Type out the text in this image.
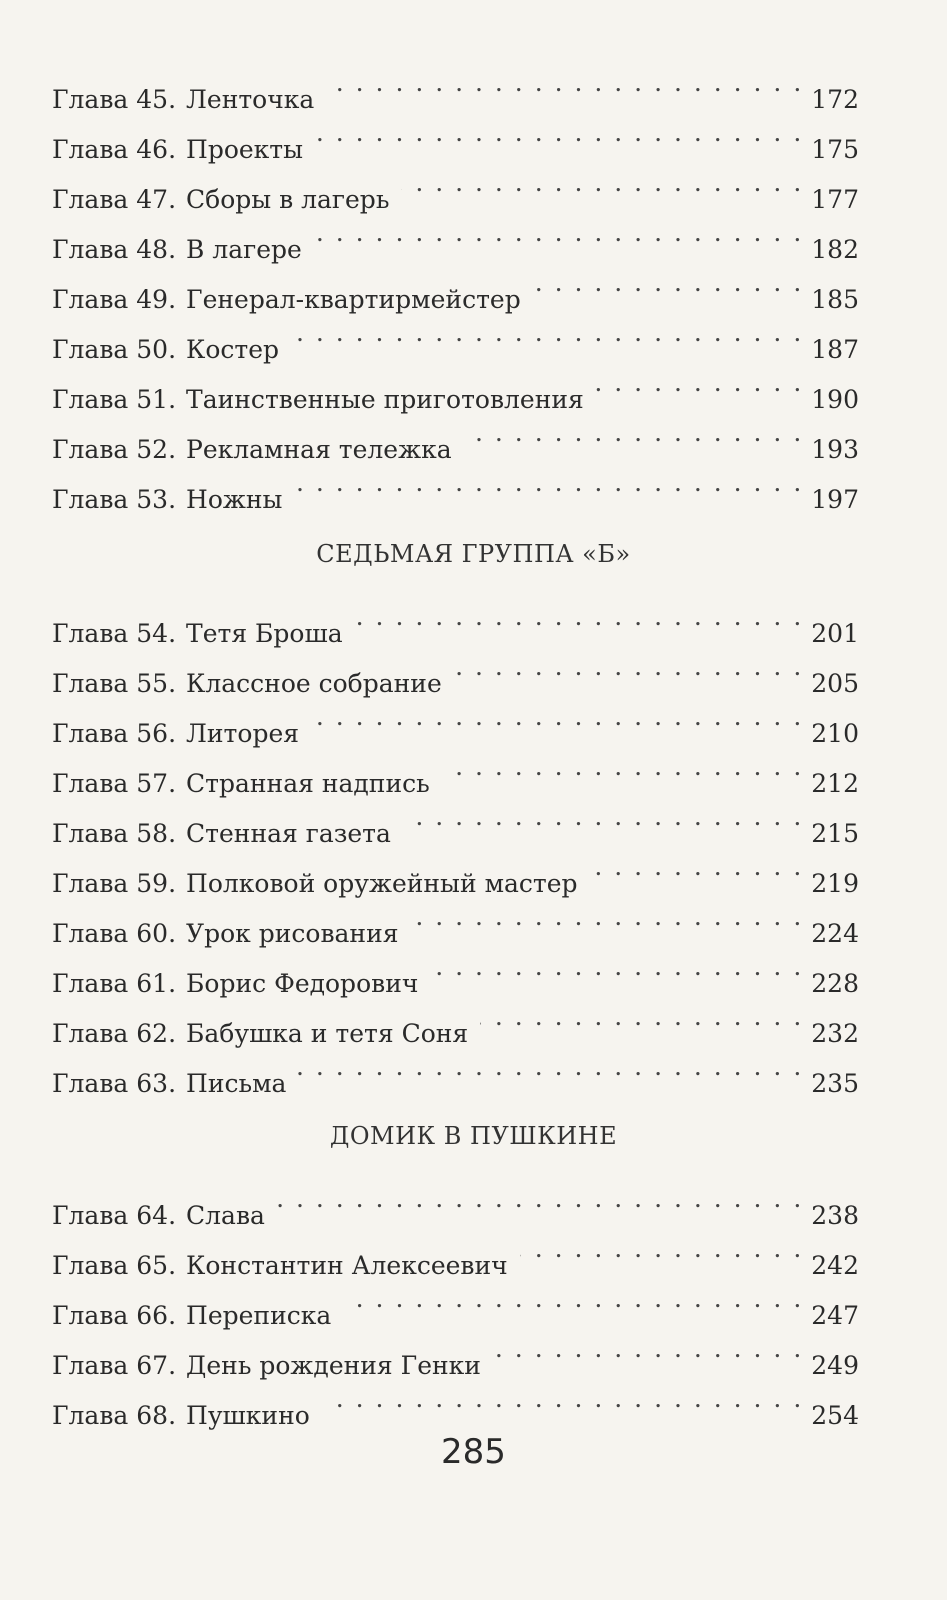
Глава 45. Ленточка . . .	172
Глава 46. Проекты . . .	175
Глава 47. Сборы в лагерь . . .	177
Глава 48. В лагере . . .	182
Глава 49. Генерал-квартирмейстер . . .	185
Глава 50. Костер . . .	187
Глава 51. Таинственные приготовления . . .	190
Глава 52. Рекламная тележка . . .	193
Глава 53. Ножны . . .	197
СЕДЬМАЯ ГРУППА «Б»
Глава 54. Тетя Броша . . .	201
Глава 55. Классное собрание . . .	205
Глава 56. Литорея . . .	210
Глава 57. Странная надпись . . .	212
Глава 58. Стенная газета . . .	215
Глава 59. Полковой оружейный мастер . . .	219
Глава 60. Урок рисования . . .	224
Глава 61. Борис Федорович . . .	228
Глава 62. Бабушка и тетя Соня . . .	232
Глава 63. Письма . . .	235
ДОМИК В ПУШКИНЕ
Глава 64. Слава . . .	238
Глава 65. Константин Алексеевич . . .	242
Глава 66. Переписка . . .	247
Глава 67. День рождения Генки . . .	249
Глава 68. Пушкино . . .	254
285
